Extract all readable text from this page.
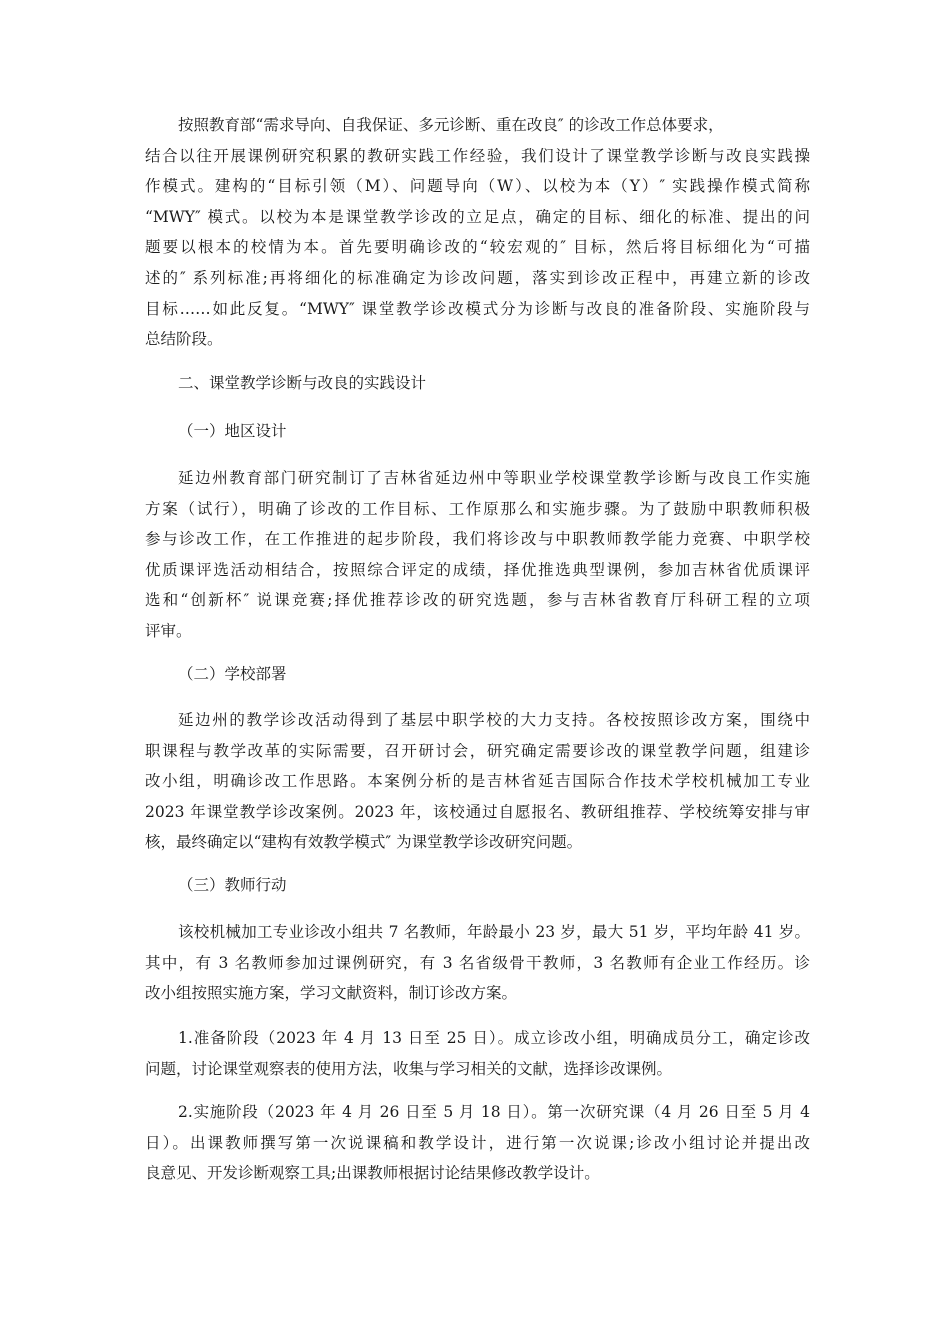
按照教育部“需求导向、自我保证、多元诊断、重在改良″ 的诊改工作总体要求，
结合以往开展课例研究积累的教研实践工作经验，我们设计了课堂教学诊断与改良实践操
作模式。建构的“目标引领（M）、问题导向（W）、以校为本（Y）″ 实践操作模式简称
“MWY″ 模式。以校为本是课堂教学诊改的立足点，确定的目标、细化的标准、提出的问
题要以根本的校情为本。首先要明确诊改的“较宏观的″ 目标，然后将目标细化为“可描
述的″ 系列标准;再将细化的标准确定为诊改问题，落实到诊改正程中，再建立新的诊改
目标……如此反复。“MWY″ 课堂教学诊改模式分为诊断与改良的准备阶段、实施阶段与
总结阶段。
二、课堂教学诊断与改良的实践设计
（一）地区设计
延边州教育部门研究制订了吉林省延边州中等职业学校课堂教学诊断与改良工作实施
方案（试行），明确了诊改的工作目标、工作原那么和实施步骤。为了鼓励中职教师积极
参与诊改工作，在工作推进的起步阶段，我们将诊改与中职教师教学能力竞赛、中职学校
优质课评选活动相结合，按照综合评定的成绩，择优推选典型课例，参加吉林省优质课评
选和“创新杯″ 说课竞赛;择优推荐诊改的研究选题，参与吉林省教育厅科研工程的立项
评审。
（二）学校部署
延边州的教学诊改活动得到了基层中职学校的大力支持。各校按照诊改方案，围绕中
职课程与教学改革的实际需要，召开研讨会，研究确定需要诊改的课堂教学问题，组建诊
改小组，明确诊改工作思路。本案例分析的是吉林省延吉国际合作技术学校机械加工专业
2023 年课堂教学诊改案例。2023 年，该校通过自愿报名、教研组推荐、学校统筹安排与审
核，最终确定以“建构有效教学模式″ 为课堂教学诊改研究问题。
（三）教师行动
该校机械加工专业诊改小组共 7 名教师，年龄最小 23 岁，最大 51 岁，平均年龄 41 岁。
其中，有 3 名教师参加过课例研究，有 3 名省级骨干教师，3 名教师有企业工作经历。诊
改小组按照实施方案，学习文献资料，制订诊改方案。
1.准备阶段（2023 年 4 月 13 日至 25 日）。成立诊改小组，明确成员分工，确定诊改
问题，讨论课堂观察表的使用方法，收集与学习相关的文献，选择诊改课例。
2.实施阶段（2023 年 4 月 26 日至 5 月 18 日）。第一次研究课（4 月 26 日至 5 月 4
日）。出课教师撰写第一次说课稿和教学设计，进行第一次说课;诊改小组讨论并提出改
良意见、开发诊断观察工具;出课教师根据讨论结果修改教学设计。
